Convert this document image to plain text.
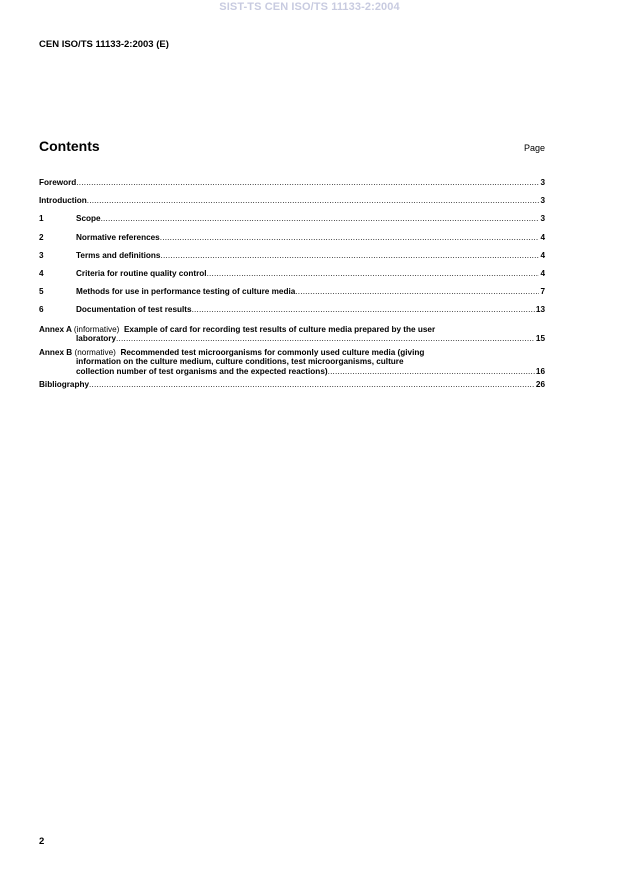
SIST-TS CEN ISO/TS 11133-2:2004
CEN ISO/TS 11133-2:2003 (E)
Contents	Page
Foreword .....	3
Introduction .....	3
1	Scope .....	3
2	Normative references .....	4
3	Terms and definitions .....	4
4	Criteria for routine quality control .....	4
5	Methods for use in performance testing of culture media .....	7
6	Documentation of test results .....	13
Annex A (informative) Example of card for recording test results of culture media prepared by the user
laboratory .....	15
Annex B (normative) Recommended test microorganisms for commonly used culture media (giving
information on the culture medium, culture conditions, test microorganisms, culture
collection number of test organisms and the expected reactions) .....	16
Bibliography .....	26
2
